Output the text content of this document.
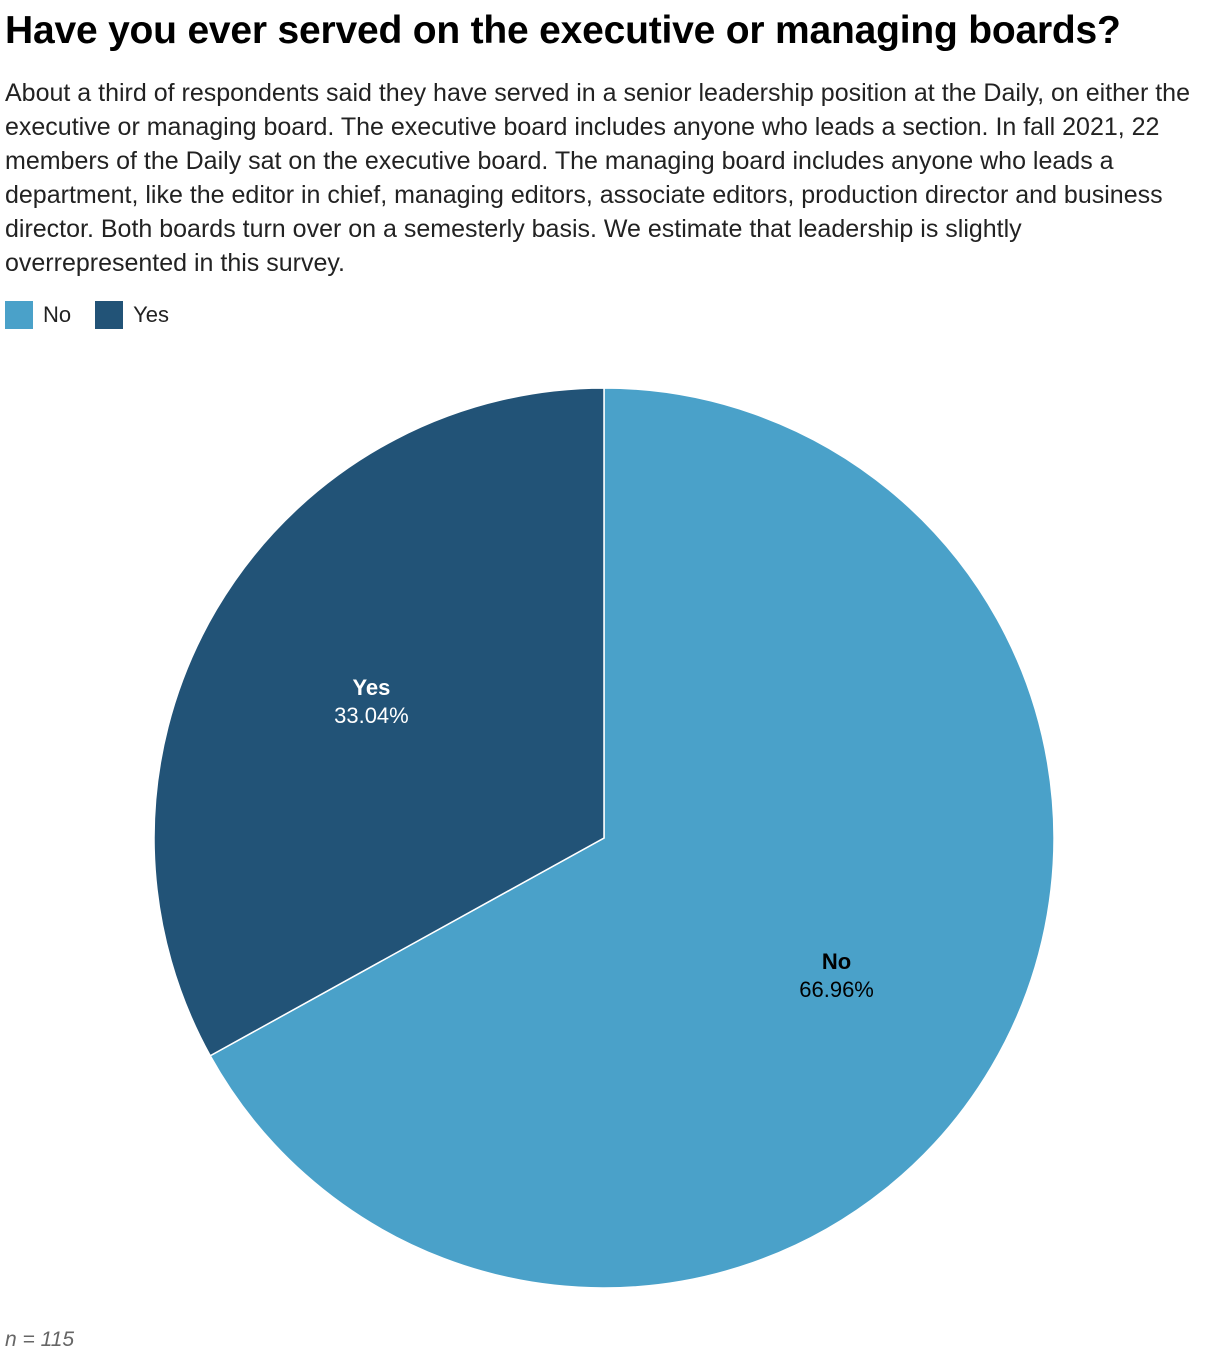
Have you ever served on the executive or managing boards?

About a third of respondents said they have served in a senior leadership position at the Daily, on either the executive or managing board. The executive board includes anyone who leads a section. In fall 2021, 22 members of the Daily sat on the executive board. The managing board includes anyone who leads a department, like the editor in chief, managing editors, associate editors, production director and business director. Both boards turn over on a semesterly basis. We estimate that leadership is slightly overrepresented in this survey.

No	Yes
No
66.96%
Yes
33.04%
n = 115
